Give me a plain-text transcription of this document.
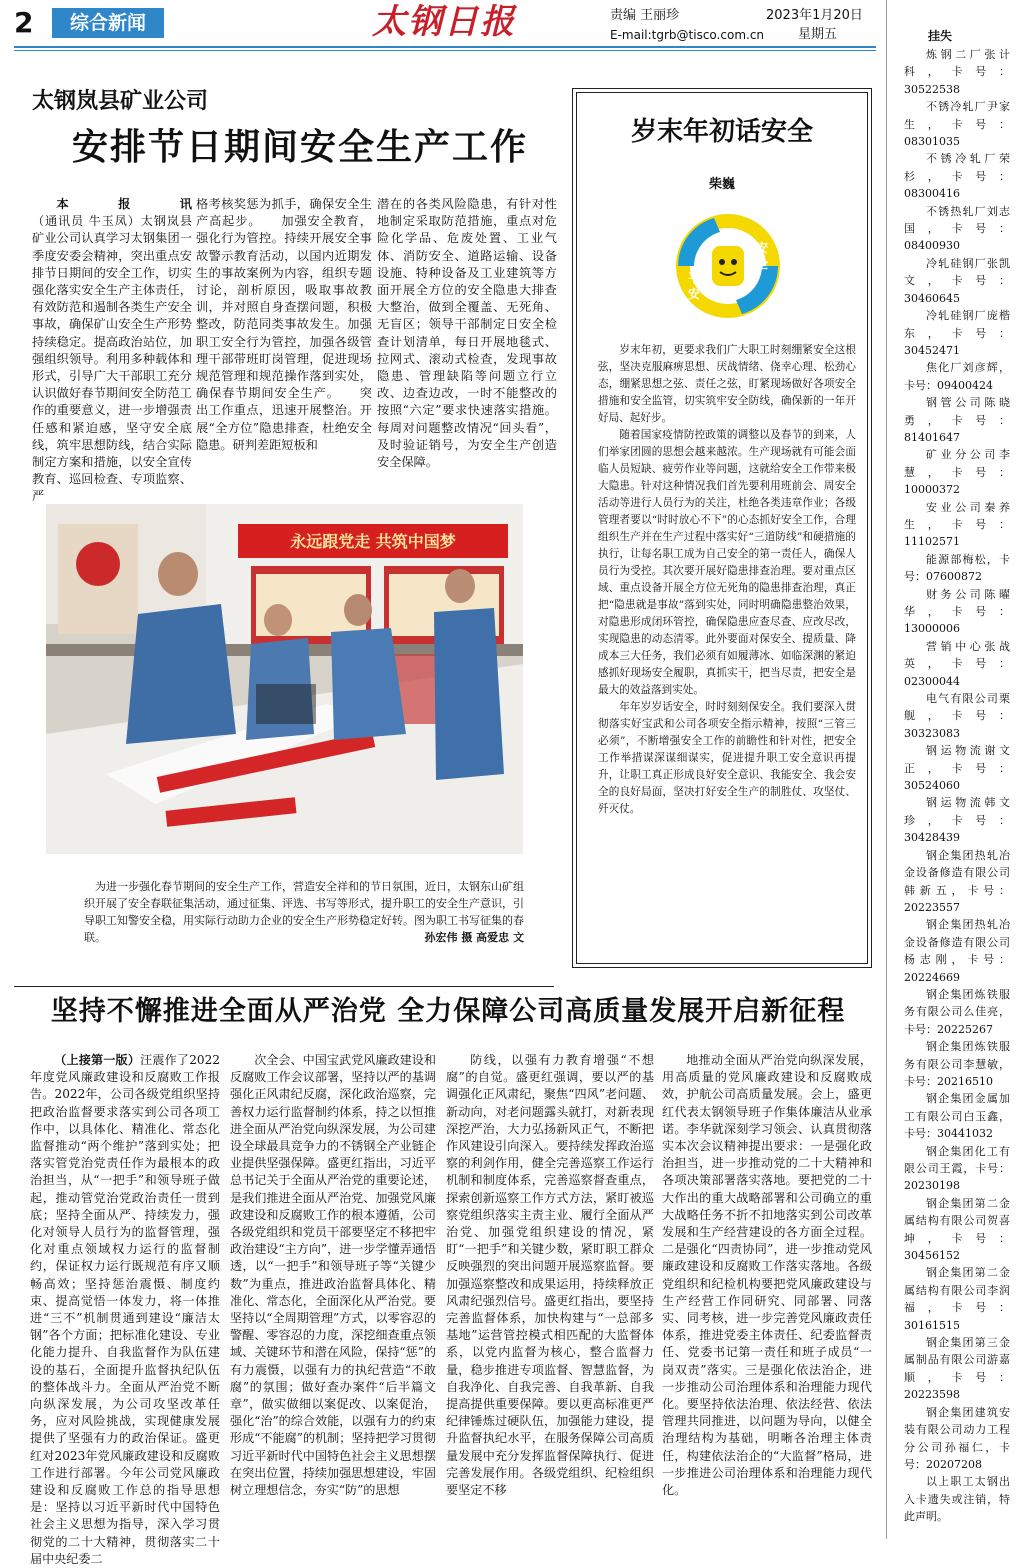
2	综合新闻	太钢日报	责编 王丽珍
E-mail:tgrb@tisco.com.cn
2023年1月20日
星期五
太钢岚县矿业公司
安排节日期间安全生产工作
本报讯（通讯员 牛玉凤）太钢岚县矿业公司认真学习太钢集团一季度安委会精神，突出重点安排节日期间的安全工作，切实强化落实安全生产主体责任，有效防范和遏制各类生产安全事故，确保矿山安全生产形势持续稳定。提高政治站位，加强组织领导。利用多种载体和形式，引导广大干部职工充分认识做好春节期间安全防范工作的重要意义，进一步增强责任感和紧迫感，坚守安全底线，筑牢思想防线，结合实际制定方案和措施，以安全宣传教育、巡回检查、专项监察、严
格考核奖惩为抓手，确保安全生产高起步。　　加强安全教育，强化行为管控。持续开展安全事故警示教育活动，以国内近期发生的事故案例为内容，组织专题讨论，剖析原因，吸取事故教训，并对照自身查摆问题，积极整改，防范同类事故发生。加强职工安全行为管控，加强各级管理干部带班盯岗管理，促进现场规范管理和规范操作落到实处，确保春节期间安全生产。　　突出工作重点，迅速开展整治。开展“全方位”隐患排查，杜绝安全隐患。研判差距短板和
潜在的各类风险隐患，有针对性地制定采取防范措施，重点对危险化学品、危废处置、工业气体、消防安全、道路运输、设备设施、特种设备及工业建筑等方面开展全方位的安全隐患大排查大整治，做到全覆盖、无死角、无盲区；领导干部制定日安全检查计划清单，每日开展地毯式、拉网式、滚动式检查，发现事故隐患、管理缺陷等问题立行立改、边查边改，一时不能整改的按照“六定”要求快速落实措施。每周对问题整改情况“回头看”，及时验证销号，为安全生产创造安全保障。
永远跟党走 共筑中国梦
为进一步强化春节期间的安全生产工作，营造安全祥和的节日氛围，近日，太钢东山矿组织开展了安全春联征集活动，通过征集、评选、书写等形式，提升职工的安全生产意识，引导职工知警安全稳，用实际行动助力企业的安全生产形势稳定好转。图为职工书写征集的春联。	孙宏伟 摄 高爱忠 文
岁末年初话安全
柴巍
安
全
平
安

岁末年初，更要求我们广大职工时刻绷紧安全这根弦，坚决克服麻痹思想、厌战情绪、侥幸心理、松劲心态，绷紧思想之弦、责任之弦，盯紧现场做好各项安全措施和安全监管，切实筑牢安全防线，确保新的一年开好局、起好步。

随着国家疫情防控政策的调整以及春节的到来，人们举家团圆的思想会越来越浓。生产现场就有可能会面临人员短缺、疲劳作业等问题，这就给安全工作带来极大隐患。针对这种情况我们首先要利用班前会、周安全活动等进行人员行为的关注，杜绝各类违章作业；各级管理者要以“时时放心不下”的心态抓好安全工作，合理组织生产并在生产过程中落实好“三道防线”和硬措施的执行，让每名职工成为自己安全的第一责任人，确保人员行为受控。其次要开展好隐患排查治理。要对重点区域、重点设备开展全方位无死角的隐患排查治理，真正把“隐患就是事故”落到实处，同时明确隐患整治效果，对隐患形成闭环管控，确保隐患应查尽查、应改尽改，实现隐患的动态清零。此外要面对保安全、提质量、降成本三大任务，我们必须有如履薄冰、如临深渊的紧迫感抓好现场安全履职，真抓实干，把当尽责，把安全是最大的效益落到实处。

年年岁岁话安全，时时刻刻保安全。我们要深入贯彻落实好宝武和公司各项安全指示精神，按照“三管三必须”，不断增强安全工作的前瞻性和针对性，把安全工作举措谋深谋细谋实，促进提升职工安全意识再提升，让职工真正形成良好安全意识、我能安全、我会安全的良好局面，坚决打好安全生产的制胜仗、攻坚仗、歼灭仗。

坚持不懈推进全面从严治党 全力保障公司高质量发展开启新征程

（上接第一版）汪震作了2022年度党风廉政建设和反腐败工作报告。2022年，公司各级党组织坚持把政治监督要求落实到公司各项工作中，以具体化、精准化、常态化监督推动“两个维护”落到实处；把落实管党治党责任作为最根本的政治担当，从“一把手”和领导班子做起，推动管党治党政治责任一贯到底；坚持全面从严、持续发力，强化对领导人员行为的监督管理，强化对重点领域权力运行的监督制约，保证权力运行既规范有序又顺畅高效；坚持惩治震慑、制度约束、提高觉悟一体发力，将一体推进“三不”机制贯通到建设“廉洁太钢”各个方面；把标准化建设、专业化能力提升、自我监督作为队伍建设的基石，全面提升监督执纪队伍的整体战斗力。全面从严治党不断向纵深发展，为公司攻坚改革任务，应对风险挑战，实现健康发展提供了坚强有力的政治保证。盛更红对2023年党风廉政建设和反腐败工作进行部署。今年公司党风廉政建设和反腐败工作总的指导思想是：坚持以习近平新时代中国特色社会主义思想为指导，深入学习贯彻党的二十大精神，贯彻落实二十届中央纪委二

次全会、中国宝武党风廉政建设和反腐败工作会议部署，坚持以严的基调强化正风肃纪反腐，深化政治巡察，完善权力运行监督制约体系，持之以恒推进全面从严治党向纵深发展，为公司建设全球最具竞争力的不锈钢全产业链企业提供坚强保障。盛更红指出，习近平总书记关于全面从严治党的重要论述，是我们推进全面从严治党、加强党风廉政建设和反腐败工作的根本遵循，公司各级党组织和党员干部要坚定不移把牢政治建设“主方向”，进一步学懂弄通悟透，以“一把手”和领导班子等“关键少数”为重点，推进政治监督具体化、精准化、常态化，全面深化从严治党。要坚持以“全周期管理”方式，以零容忍的警醒、零容忍的力度，深挖细查重点领域、关键环节和潜在风险，保持“惩”的有力震慑，以强有力的执纪营造“不敢腐”的氛围；做好查办案件“后半篇文章”，做实做细以案促改、以案促治，强化“治”的综合效能，以强有力的约束形成“不能腐”的机制；坚持把学习贯彻习近平新时代中国特色社会主义思想摆在突出位置，持续加强思想建设，牢固树立理想信念，夯实“防”的思想

防线，以强有力教育增强“不想腐”的自觉。盛更红强调，要以严的基调强化正风肃纪，聚焦“四风”老问题、新动向，对老问题露头就打，对新表现深挖严治，大力弘扬新风正气，不断把作风建设引向深入。要持续发挥政治巡察的利剑作用，健全完善巡察工作运行机制和制度体系，完善巡察督查重点，探索创新巡察工作方式方法，紧盯被巡察党组织落实主责主业、履行全面从严治党、加强党组织建设的情况，紧盯“一把手”和关键少数，紧盯职工群众反映强烈的突出问题开展巡察监督。要加强巡察整改和成果运用，持续释放正风肃纪强烈信号。盛更红指出，要坚持完善监督体系，加快构建与“一总部多基地”运营管控模式相匹配的大监督体系，以党内监督为核心，整合监督力量，稳步推进专项监督、智慧监督，为自我净化、自我完善、自我革新、自我提高提供重要保障。要以更高标准更严纪律锤炼过硬队伍，加强能力建设，提升监督执纪水平，在服务保障公司高质量发展中充分发挥监督保障执行、促进完善发展作用。各级党组织、纪检组织要坚定不移

地推动全面从严治党向纵深发展，用高质量的党风廉政建设和反腐败成效，护航公司高质量发展。会上，盛更红代表太钢领导班子作集体廉洁从业承诺。李华就深刻学习领会、认真贯彻落实本次会议精神提出要求：一是强化政治担当，进一步推动党的二十大精神和各项决策部署落实落地。要把党的二十大作出的重大战略部署和公司确立的重大战略任务不折不扣地落实到公司改革发展和生产经营建设的各方面全过程。二是强化“四责协同”，进一步推动党风廉政建设和反腐败工作落实落地。各级党组织和纪检机构要把党风廉政建设与生产经营工作同研究、同部署、同落实、同考核，进一步完善党风廉政责任体系，推进党委主体责任、纪委监督责任、党委书记第一责任和班子成员“一岗双责”落实。三是强化依法治企，进一步推动公司治理体系和治理能力现代化。要坚持依法治理、依法经营、依法管理共同推进，以问题为导向，以健全治理结构为基础，明晰各治理主体责任，构建依法治企的“大监督”格局，进一步推进公司治理体系和治理能力现代化。

挂失

炼钢二厂张计科，卡号：30522538

不锈冷轧厂尹家生，卡号：08301035

不锈冷轧厂荣杉，卡号：08300416

不锈热轧厂刘志国，卡号：08400930

冷轧硅钢厂张凯文，卡号：30460645

冷轧硅钢厂庞楷东，卡号：30452471

焦化厂刘彦辉，卡号：09400424

钢管公司陈晓勇，卡号：81401647

矿业分公司李慧，卡号：10000372

安业公司秦养生，卡号：11102571

能源部梅松，卡号：07600872

财务公司陈曜华，卡号：13000006

营销中心张战英，卡号：02300044

电气有限公司栗舰，卡号：30323083

钢运物流谢文正，卡号：30524060

钢运物流韩文珍，卡号：30428439

钢企集团热轧冶金设备修造有限公司韩新五，卡号：20223557

钢企集团热轧冶金设备修造有限公司杨志刚，卡号：20224669

钢企集团炼铁服务有限公司么佳亮，卡号：20225267

钢企集团炼铁服务有限公司李慧敏，卡号：20216510

钢企集团金属加工有限公司白玉鑫，卡号：30441032

钢企集团化工有限公司王霞，卡号：20230198

钢企集团第二金属结构有限公司贺喜坤，卡号：30456152

钢企集团第二金属结构有限公司李润福，卡号：30161515

钢企集团第三金属制品有限公司游嘉顺，卡号：20223598

钢企集团建筑安装有限公司动力工程分公司孙福仁，卡号：20207208

以上职工太钢出入卡遗失或注销，特此声明。
